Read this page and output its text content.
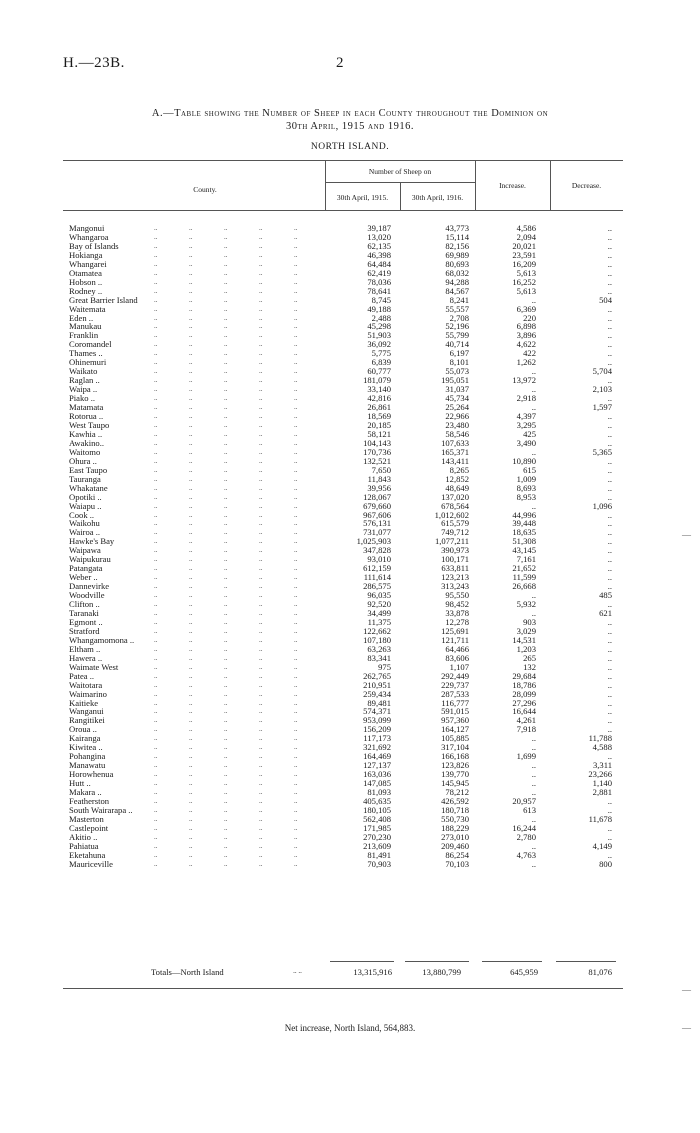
H.—23B.	2
A.—Table showing the Number of Sheep in each County throughout the Dominion on
30th April, 1915 and 1916.
NORTH ISLAND.
County.
Number of Sheep on
30th April, 1915.	30th April, 1916.
Increase.	Decrease.
Mangonui	.. .. .. .. ..	39,187	43,773	4,586	..
Whangaroa	.. .. .. .. ..	13,020	15,114	2,094	..
Bay of Islands	.. .. .. .. ..	62,135	82,156	20,021	..
Hokianga	.. .. .. .. ..	46,398	69,989	23,591	..
Whangarei	.. .. .. .. ..	64,484	80,693	16,209	..
Otamatea	.. .. .. .. ..	62,419	68,032	5,613	..
Hobson ..	.. .. .. .. ..	78,036	94,288	16,252	..
Rodney ..	.. .. .. .. ..	78,641	84,567	5,613	..
Great Barrier Island	.. .. .. .. ..	8,745	8,241	..	504
Waitemata	.. .. .. .. ..	49,188	55,557	6,369	..
Eden ..	.. .. .. .. ..	2,488	2,708	220	..
Manukau	.. .. .. .. ..	45,298	52,196	6,898	..
Franklin	.. .. .. .. ..	51,903	55,799	3,896	..
Coromandel	.. .. .. .. ..	36,092	40,714	4,622	..
Thames ..	.. .. .. .. ..	5,775	6,197	422	..
Ohinemuri	.. .. .. .. ..	6,839	8,101	1,262	..
Waikato	.. .. .. .. ..	60,777	55,073	..	5,704
Raglan ..	.. .. .. .. ..	181,079	195,051	13,972	..
Waipa ..	.. .. .. .. ..	33,140	31,037	..	2,103
Piako ..	.. .. .. .. ..	42,816	45,734	2,918	..
Matamata	.. .. .. .. ..	26,861	25,264	..	1,597
Rotorua ..	.. .. .. .. ..	18,569	22,966	4,397	..
West Taupo	.. .. .. .. ..	20,185	23,480	3,295	..
Kawhia ..	.. .. .. .. ..	58,121	58,546	425	..
Awakino..	.. .. .. .. ..	104,143	107,633	3,490	..
Waitomo	.. .. .. .. ..	170,736	165,371	..	5,365
Ohura ..	.. .. .. .. ..	132,521	143,411	10,890	..
East Taupo	.. .. .. .. ..	7,650	8,265	615	..
Tauranga	.. .. .. .. ..	11,843	12,852	1,009	..
Whakatane	.. .. .. .. ..	39,956	48,649	8,693	..
Opotiki ..	.. .. .. .. ..	128,067	137,020	8,953	..
Waiapu ..	.. .. .. .. ..	679,660	678,564	..	1,096
Cook ..	.. .. .. .. ..	967,606	1,012,602	44,996	..
Waikohu	.. .. .. .. ..	576,131	615,579	39,448	..
Wairoa ..	.. .. .. .. ..	731,077	749,712	18,635	..
Hawke's Bay	.. .. .. .. ..	1,025,903	1,077,211	51,308	..
Waipawa	.. .. .. .. ..	347,828	390,973	43,145	..
Waipukurau	.. .. .. .. ..	93,010	100,171	7,161	..
Patangata	.. .. .. .. ..	612,159	633,811	21,652	..
Weber ..	.. .. .. .. ..	111,614	123,213	11,599	..
Dannevirke	.. .. .. .. ..	286,575	313,243	26,668	..
Woodville	.. .. .. .. ..	96,035	95,550	..	485
Clifton ..	.. .. .. .. ..	92,520	98,452	5,932	..
Taranaki	.. .. .. .. ..	34,499	33,878	..	621
Egmont ..	.. .. .. .. ..	11,375	12,278	903	..
Stratford	.. .. .. .. ..	122,662	125,691	3,029	..
Whangamomona ..	.. .. .. .. ..	107,180	121,711	14,531	..
Eltham ..	.. .. .. .. ..	63,263	64,466	1,203	..
Hawera ..	.. .. .. .. ..	83,341	83,606	265	..
Waimate West	.. .. .. .. ..	975	1,107	132	..
Patea ..	.. .. .. .. ..	262,765	292,449	29,684	..
Waitotara	.. .. .. .. ..	210,951	229,737	18,786	..
Waimarino	.. .. .. .. ..	259,434	287,533	28,099	..
Kaitieke	.. .. .. .. ..	89,481	116,777	27,296	..
Wanganui	.. .. .. .. ..	574,371	591,015	16,644	..
Rangitikei	.. .. .. .. ..	953,099	957,360	4,261	..
Oroua ..	.. .. .. .. ..	156,209	164,127	7,918	..
Kairanga	.. .. .. .. ..	117,173	105,885	..	11,788
Kiwitea ..	.. .. .. .. ..	321,692	317,104	..	4,588
Pohangina	.. .. .. .. ..	164,469	166,168	1,699	..
Manawatu	.. .. .. .. ..	127,137	123,826	..	3,311
Horowhenua	.. .. .. .. ..	163,036	139,770	..	23,266
Hutt ..	.. .. .. .. ..	147,085	145,945	..	1,140
Makara ..	.. .. .. .. ..	81,093	78,212	..	2,881
Featherston	.. .. .. .. ..	405,635	426,592	20,957	..
South Wairarapa ..	.. .. .. .. ..	180,105	180,718	613	..
Masterton	.. .. .. .. ..	562,408	550,730	..	11,678
Castlepoint	.. .. .. .. ..	171,985	188,229	16,244	..
Akitio ..	.. .. .. .. ..	270,230	273,010	2,780	..
Pahiatua	.. .. .. .. ..	213,609	209,460	..	4,149
Eketahuna	.. .. .. .. ..	81,491	86,254	4,763	..
Mauriceville	.. .. .. .. ..	70,903	70,103	..	800
Totals—North Island	.. ..	13,315,916	13,880,799	645,959	81,076
Net increase, North Island, 564,883.
—
—
—
